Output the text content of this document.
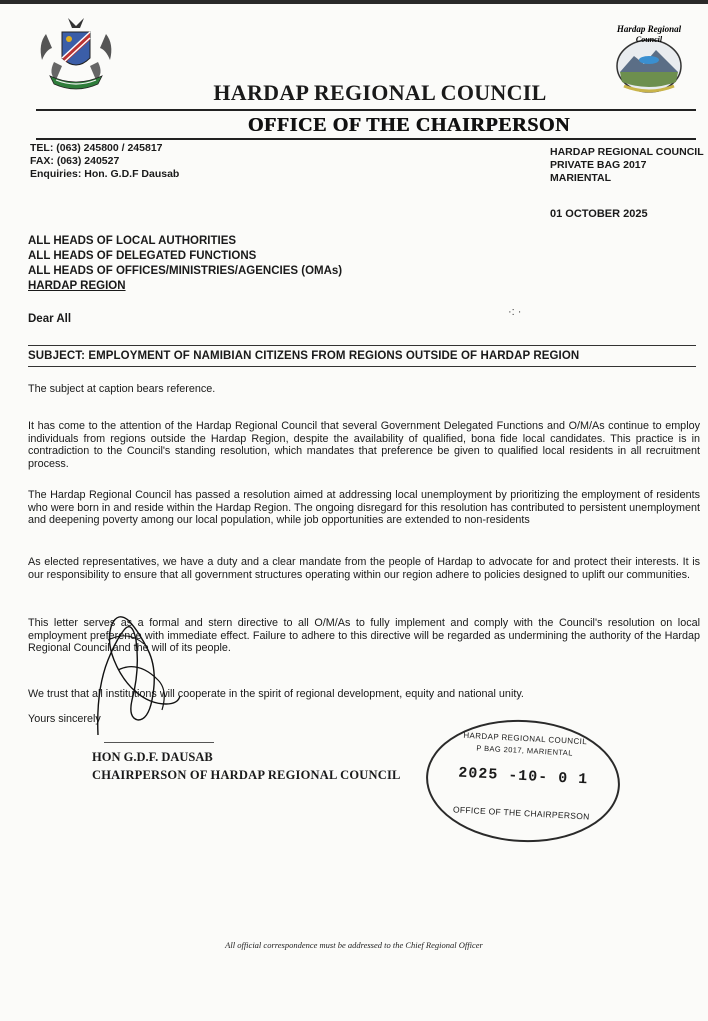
Hardap Regional
Council
HARDAP REGIONAL COUNCIL
OFFICE OF THE CHAIRPERSON
TEL: (063) 245800 / 245817
FAX: (063) 240527
Enquiries: Hon. G.D.F Dausab
HARDAP REGIONAL COUNCIL
PRIVATE BAG 2017
MARIENTAL
01 OCTOBER 2025
ALL HEADS OF LOCAL AUTHORITIES
ALL HEADS OF DELEGATED FUNCTIONS
ALL HEADS OF OFFICES/MINISTRIES/AGENCIES (OMAs)
HARDAP REGION
Dear All
·: ·
SUBJECT: EMPLOYMENT OF NAMIBIAN CITIZENS FROM REGIONS OUTSIDE OF HARDAP REGION
The subject at caption bears reference.
It has come to the attention of the Hardap Regional Council that several Government Delegated Functions and O/M/As continue to employ individuals from regions outside the Hardap Region, despite the availability of qualified, bona fide local candidates. This practice is in contradiction to the Council's standing resolution, which mandates that preference be given to qualified local residents in all recruitment process.
The Hardap Regional Council has passed a resolution aimed at addressing local unemployment by prioritizing the employment of residents who were born in and reside within the Hardap Region. The ongoing disregard for this resolution has contributed to persistent unemployment and deepening poverty among our local population, while job opportunities are extended to non-residents
As elected representatives, we have a duty and a clear mandate from the people of Hardap to advocate for and protect their interests. It is our responsibility to ensure that all government structures operating within our region adhere to policies designed to uplift our communities.
This letter serves as a formal and stern directive to all O/M/As to fully implement and comply with the Council's resolution on local employment preference with immediate effect. Failure to adhere to this directive will be regarded as undermining the authority of the Hardap Regional Council and the will of its people.
We trust that all institutions will cooperate in the spirit of regional development, equity and national unity.
Yours sincerely
HON G.D.F. DAUSAB
CHAIRPERSON OF HARDAP REGIONAL COUNCIL
HARDAP REGIONAL COUNCIL
P BAG 2017, MARIENTAL
2025 -10- 0 1
OFFICE OF THE CHAIRPERSON
All official correspondence must be addressed to the Chief Regional Officer
